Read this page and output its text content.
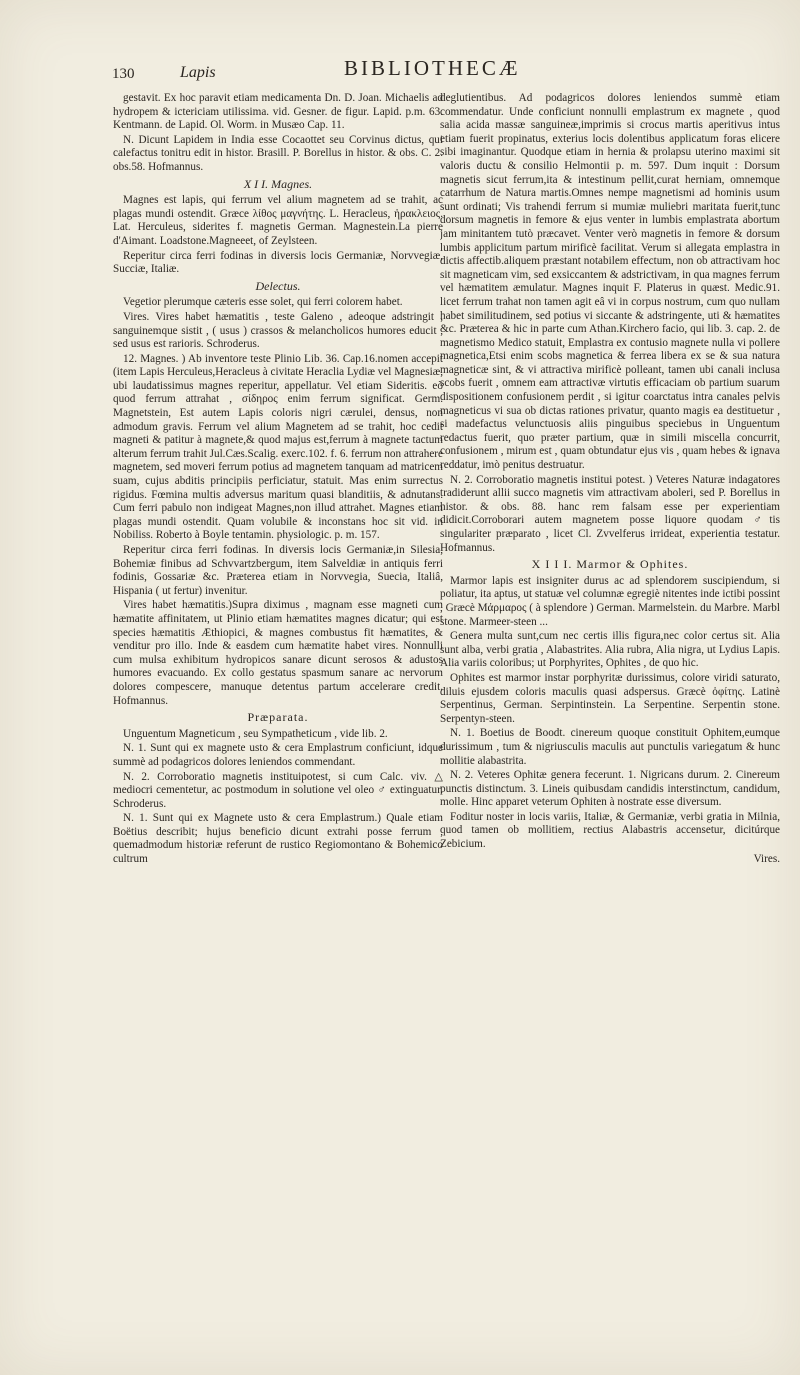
130	Lapis	BIBLIOTHECÆ

gestavit. Ex hoc paravit etiam medicamenta Dn. D. Joan. Michaelis ad hydropem & ictericiam utilissima. vid. Gesner. de figur. Lapid. p.m. 63. Kentmann. de Lapid. Ol. Worm. in Musæo Cap. 11.

N. Dicunt Lapidem in India esse Cocaottet seu Corvinus dictus, qui calefactus tonitru edit in histor. Brasill. P. Borellus in histor. & obs. C. 2. obs.58. Hofmannus.

X I I. Magnes.

Magnes est lapis, qui ferrum vel alium magnetem ad se trahit, ac plagas mundi ostendit. Græce λίθος μαγνήτης. L. Heracleus, ἡρακλειος. Lat. Herculeus, siderites f. magnetis German. Magnestein.La pierre d'Aimant. Loadstone.Magneeet, of Zeylsteen.

Reperitur circa ferri fodinas in diversis locis Germaniæ, Norvvegiæ, Succiæ, Italiæ.

Delectus.

Vegetior plerumque cæteris esse solet, qui ferri colorem habet.

Vires. Vires habet hæmatitis , teste Galeno , adeoque adstringit , sanguinemque sistit , ( usus ) crassos & melancholicos humores educit , sed usus est rarioris. Schroderus.

12. Magnes. ) Ab inventore teste Plinio Lib. 36. Cap.16.nomen accepit (item Lapis Herculeus,Heracleus à civitate Heraclia Lydiæ vel Magnesiæ, ubi laudatissimus magnes reperitur, appellatur. Vel etiam Sideritis. eò quod ferrum attrahat , σίδηρος enim ferrum significat. Germ. Magnetstein, Est autem Lapis coloris nigri cærulei, densus, non admodum gravis. Ferrum vel alium Magnetem ad se trahit, hoc cedit magneti & patitur à magnete,& quod majus est,ferrum à magnete tactum alterum ferrum trahit Jul.Cæs.Scalig. exerc.102. f. 6. ferrum non attrahere magnetem, sed moveri ferrum potius ad magnetem tanquam ad matricem suam, cujus abditis principiis perficiatur, statuit. Mas enim surrectus rigidus. Fœmina multis adversus maritum quasi blanditiis, & adnutans. Cum ferri pabulo non indigeat Magnes,non illud attrahet. Magnes etiam plagas mundi ostendit. Quam volubile & inconstans hoc sit vid. in Nobiliss. Roberto à Boyle tentamin. physiologic. p. m. 157.

Reperitur circa ferri fodinas. In diversis locis Germaniæ,in Silesia, Bohemiæ finibus ad Schvvartzbergum, item Salveldiæ in antiquis ferri fodinis, Gossariæ &c. Præterea etiam in Norvvegia, Suecia, Italiâ, Hispania ( ut fertur) invenitur.

Vires habet hæmatitis.)Supra diximus , magnam esse magneti cum hæmatite affinitatem, ut Plinio etiam hæmatites magnes dicatur; qui est species hæmatitis Æthiopici, & magnes combustus fit hæmatites, & venditur pro illo. Inde & easdem cum hæmatite habet vires. Nonnulli cum mulsa exhibitum hydropicos sanare dicunt serosos & adustos humores evacuando. Ex collo gestatus spasmum sanare ac nervorum dolores compescere, manuque detentus partum accelerare credit. Hofmannus.

Præparata.

Unguentum Magneticum , seu Sympatheticum , vide lib. 2.

N. 1. Sunt qui ex magnete usto & cera Emplastrum conficiunt, idque summè ad podagricos dolores leniendos commendant.

N. 2. Corroboratio magnetis instituipotest, si cum Calc. viv. △ mediocri cementetur, ac postmodum in solutione vel oleo ♂ extinguatur. Schroderus.

N. 1. Sunt qui ex Magnete usto & cera Emplastrum.) Quale etiam Boëtius describit; hujus beneficio dicunt extrahi posse ferrum , quemadmodum historiæ referunt de rustico Regiomontano & Bohemico cultrum

deglutientibus. Ad podagricos dolores leniendos summè etiam commendatur. Unde conficiunt nonnulli emplastrum ex magnete , quod salia acida massæ sanguineæ,imprimis si crocus martis aperitivus intus etiam fuerit propinatus, exterius locis dolentibus applicatum foras elicere sibi imaginantur. Quodque etiam in hernia & prolapsu uterino maximi sit valoris ductu & consilio Helmontii p. m. 597. Dum inquit : Dorsum magnetis sicut ferrum,ita & intestinum pellit,curat herniam, omnemque catarrhum de Natura martis.Omnes nempe magnetismi ad hominis usum sunt ordinati; Vis trahendi ferrum si mumiæ muliebri maritata fuerit,tunc dorsum magnetis in femore & ejus venter in lumbis emplastrata abortum jam minitantem tutò præcavet. Venter verò magnetis in femore & dorsum lumbis applicitum partum mirificè facilitat. Verum si allegata emplastra in dictis affectib.aliquem præstant notabilem effectum, non ob attractivam hoc sit magneticam vim, sed exsiccantem & adstrictivam, in qua magnes ferrum vel hæmatitem æmulatur. Magnes inquit F. Platerus in quæst. Medic.91. licet ferrum trahat non tamen agit eâ vi in corpus nostrum, cum quo nullam habet similitudinem, sed potius vi siccante & adstringente, uti & hæmatites &c. Præterea & hic in parte cum Athan.Kirchero facio, qui lib. 3. cap. 2. de magnetismo Medico statuit, Emplastra ex contusio magnete nulla vi pollere magnetica,Etsi enim scobs magnetica & ferrea libera ex se & sua natura magneticæ sint, & vi attractiva mirificè polleant, tamen ubi canali inclusa scobs fuerit , omnem eam attractivæ virtutis efficaciam ob partium suarum dispositionem confusionem perdit , si igitur coarctatus intra canales pelvis magneticus vi sua ob dictas rationes privatur, quanto magis ea destituetur , si madefactus velunctuosis aliis pinguibus speciebus in Unguentum redactus fuerit, quo præter partium, quæ in simili miscella concurrit, confusionem , mirum est , quam obtundatur ejus vis , quam hebes & ignava reddatur, imò penitus destruatur.

N. 2. Corroboratio magnetis institui potest. ) Veteres Naturæ indagatores tradiderunt allii succo magnetis vim attractivam aboleri, sed P. Borellus in histor. & obs. 88. hanc rem falsam esse per experientiam didicit.Corroborari autem magnetem posse liquore quodam ♂tis singulariter præparato , licet Cl. Zvvelferus irrideat, experientia testatur. Hofmannus.

X I I I. Marmor & Ophites.

Marmor lapis est insigniter durus ac ad splendorem suscipiendum, si poliatur, ita aptus, ut statuæ vel columnæ egregiè nitentes inde ictibi possint , Græcè Μάρμαρος ( à splendore ) German. Marmelstein. du Marbre. Marbl stone. Marmeer-steen ...

Genera multa sunt,cum nec certis illis figura,nec color certus sit. Alia sunt alba, verbi gratia , Alabastrites. Alia rubra, Alia nigra, ut Lydius Lapis. Alia variis coloribus; ut Porphyrites, Ophites , de quo hic.

Ophites est marmor instar porphyritæ durissimus, colore viridi saturato, diluis ejusdem coloris maculis quasi adspersus. Græcè ὀφίτης. Latinè Serpentinus, German. Serpintinstein. La Serpentine. Serpentin stone. Serpentyn-steen.

N. 1. Boetius de Boodt. cinereum quoque constituit Ophitem,eumque durissimum , tum & nigriusculis maculis aut punctulis variegatum & hunc mollitie alabastrita.

N. 2. Veteres Ophitæ genera fecerunt. 1. Nigricans durum. 2. Cinereum punctis distinctum. 3. Lineis quibusdam candidis interstinctum, candidum, molle. Hinc apparet veterum Ophiten à nostrate esse diversum.

Foditur noster in locis variis, Italiæ, & Germaniæ, verbi gratia in Milnia, quod tamen ob mollitiem, rectius Alabastris accensetur, dicitúrque Zebicium.

Vires.
